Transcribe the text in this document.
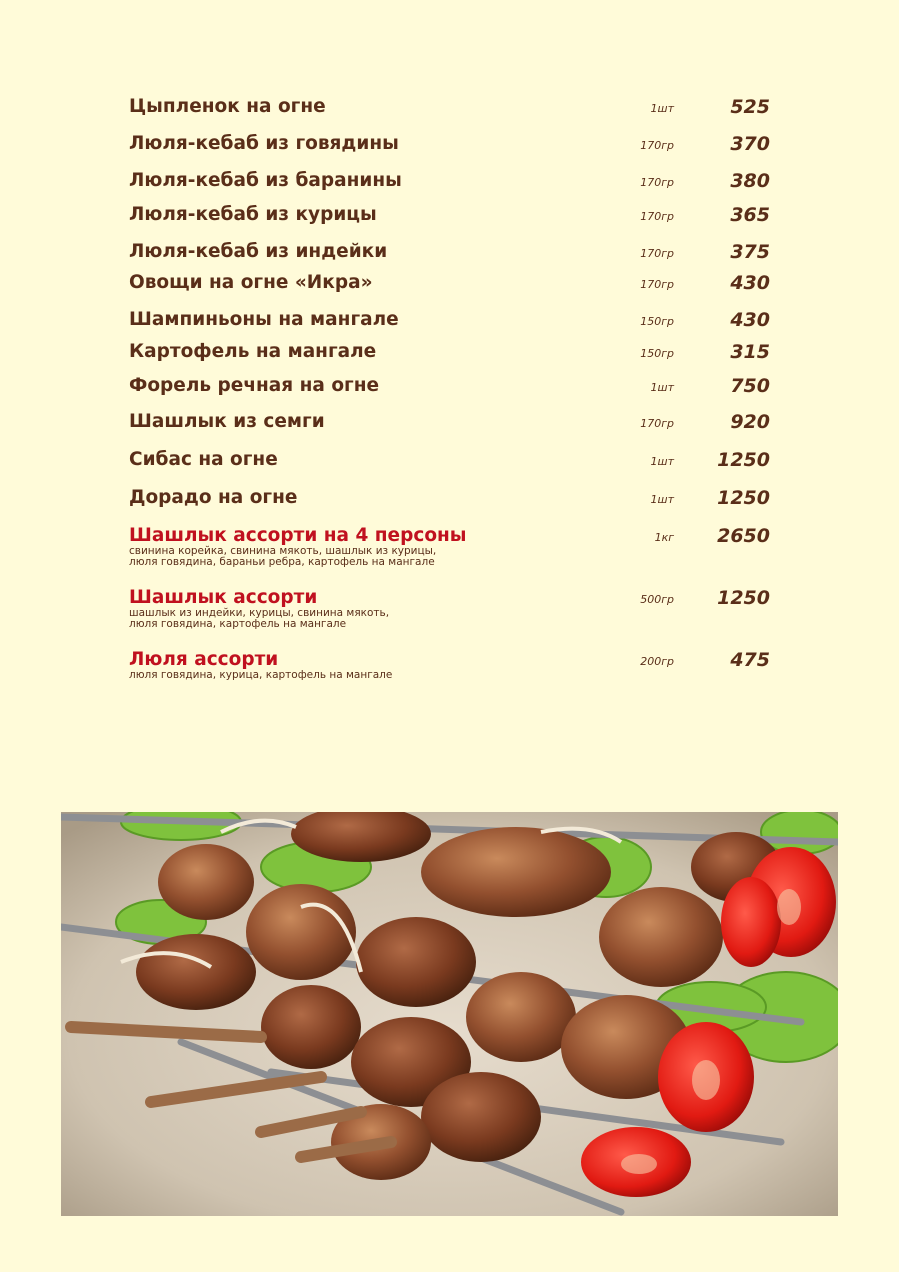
Цыпленок на огне	1шт	525
Люля-кебаб из говядины	170гр	370
Люля-кебаб из баранины	170гр	380
Люля-кебаб из курицы	170гр	365
Люля-кебаб из индейки	170гр	375
Овощи на огне «Икра»	170гр	430
Шампиньоны на мангале	150гр	430
Картофель на мангале	150гр	315
Форель речная на огне	1шт	750
Шашлык из семги	170гр	920
Сибас на огне	1шт 1250
Дорадо на огне	1шт 1250
Шашлык ассорти на 4 персоны
свинина корейка, свинина мякоть, шашлык из курицы,
люля говядина, бараньи ребра, картофель на мангале
1кг 2650
Шашлык ассорти
шашлык из индейки, курицы, свинина мякоть,
люля говядина, картофель на мангале
500гр 1250
Люля ассорти
люля говядина, курица, картофель на мангале
200гр	475
